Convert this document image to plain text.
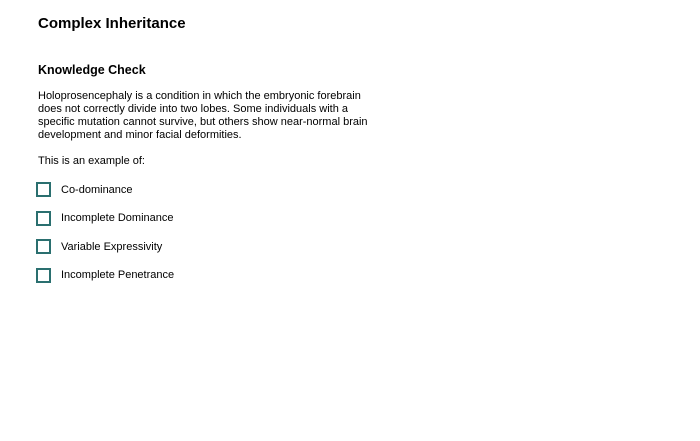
Complex Inheritance
Knowledge Check

Holoprosencephaly is a condition in which the embryonic forebrain does not correctly divide into two lobes. Some individuals with a specific mutation cannot survive, but others show near-normal brain development and minor facial deformities.

This is an example of:

Co-dominance
Incomplete Dominance
Variable Expressivity
Incomplete Penetrance
